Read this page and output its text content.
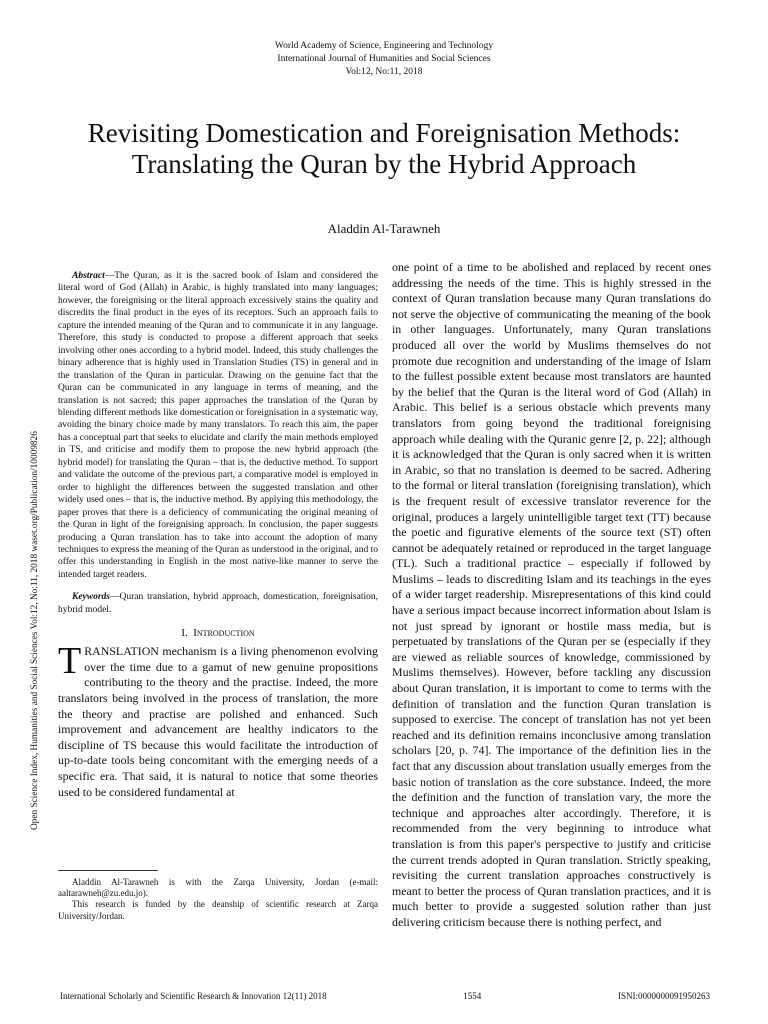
World Academy of Science, Engineering and Technology
International Journal of Humanities and Social Sciences
Vol:12, No:11, 2018
Revisiting Domestication and Foreignisation Methods: Translating the Quran by the Hybrid Approach
Aladdin Al-Tarawneh
Open Science Index, Humanities and Social Sciences Vol:12, No:11, 2018 waset.org/Publication/10009826

Abstract—The Quran, as it is the sacred book of Islam and considered the literal word of God (Allah) in Arabic, is highly translated into many languages; however, the foreignising or the literal approach excessively stains the quality and discredits the final product in the eyes of its receptors. Such an approach fails to capture the intended meaning of the Quran and to communicate it in any language. Therefore, this study is conducted to propose a different approach that seeks involving other ones according to a hybrid model. Indeed, this study challenges the binary adherence that is highly used in Translation Studies (TS) in general and in the translation of the Quran in particular. Drawing on the genuine fact that the Quran can be communicated in any language in terms of meaning, and the translation is not sacred; this paper approaches the translation of the Quran by blending different methods like domestication or foreignisation in a systematic way, avoiding the binary choice made by many translators. To reach this aim, the paper has a conceptual part that seeks to elucidate and clarify the main methods employed in TS, and criticise and modify them to propose the new hybrid approach (the hybrid model) for translating the Quran – that is, the deductive method. To support and validate the outcome of the previous part, a comparative model is employed in order to highlight the differences between the suggested translation and other widely used ones – that is, the inductive method. By applying this methodology, the paper proves that there is a deficiency of communicating the original meaning of the Quran in light of the foreignising approach. In conclusion, the paper suggests producing a Quran translation has to take into account the adoption of many techniques to express the meaning of the Quran as understood in the original, and to offer this understanding in English in the most native-like manner to serve the intended target readers.

Keywords—Quran translation, hybrid approach, domestication, foreignisation, hybrid model.

I. Introduction

TRANSLATION mechanism is a living phenomenon evolving over the time due to a gamut of new genuine propositions contributing to the theory and the practise. Indeed, the more translators being involved in the process of translation, the more the theory and practise are polished and enhanced. Such improvement and advancement are healthy indicators to the discipline of TS because this would facilitate the introduction of up-to-date tools being concomitant with the emerging needs of a specific era. That said, it is natural to notice that some theories used to be considered fundamental at

Aladdin Al-Tarawneh is with the Zarqa University, Jordan (e-mail: aaltarawneh@zu.edu.jo).

This research is funded by the deanship of scientific research at Zarqa University/Jordan.

one point of a time to be abolished and replaced by recent ones addressing the needs of the time. This is highly stressed in the context of Quran translation because many Quran translations do not serve the objective of communicating the meaning of the book in other languages. Unfortunately, many Quran translations produced all over the world by Muslims themselves do not promote due recognition and understanding of the image of Islam to the fullest possible extent because most translators are haunted by the belief that the Quran is the literal word of God (Allah) in Arabic. This belief is a serious obstacle which prevents many translators from going beyond the traditional foreignising approach while dealing with the Quranic genre [2, p. 22]; although it is acknowledged that the Quran is only sacred when it is written in Arabic, so that no translation is deemed to be sacred. Adhering to the formal or literal translation (foreignising translation), which is the frequent result of excessive translator reverence for the original, produces a largely unintelligible target text (TT) because the poetic and figurative elements of the source text (ST) often cannot be adequately retained or reproduced in the target language (TL). Such a traditional practice – especially if followed by Muslims – leads to discrediting Islam and its teachings in the eyes of a wider target readership. Misrepresentations of this kind could have a serious impact because incorrect information about Islam is not just spread by ignorant or hostile mass media, but is perpetuated by translations of the Quran per se (especially if they are viewed as reliable sources of knowledge, commissioned by Muslims themselves). However, before tackling any discussion about Quran translation, it is important to come to terms with the definition of translation and the function Quran translation is supposed to exercise. The concept of translation has not yet been reached and its definition remains inconclusive among translation scholars [20, p. 74]. The importance of the definition lies in the fact that any discussion about translation usually emerges from the basic notion of translation as the core substance. Indeed, the more the definition and the function of translation vary, the more the technique and approaches alter accordingly. Therefore, it is recommended from the very beginning to introduce what translation is from this paper's perspective to justify and criticise the current trends adopted in Quran translation. Strictly speaking, revisiting the current translation approaches constructively is meant to better the process of Quran translation practices, and it is much better to provide a suggested solution rather than just delivering criticism because there is nothing perfect, and

International Scholarly and Scientific Research & Innovation 12(11) 2018	1554	ISNI:0000000091950263
